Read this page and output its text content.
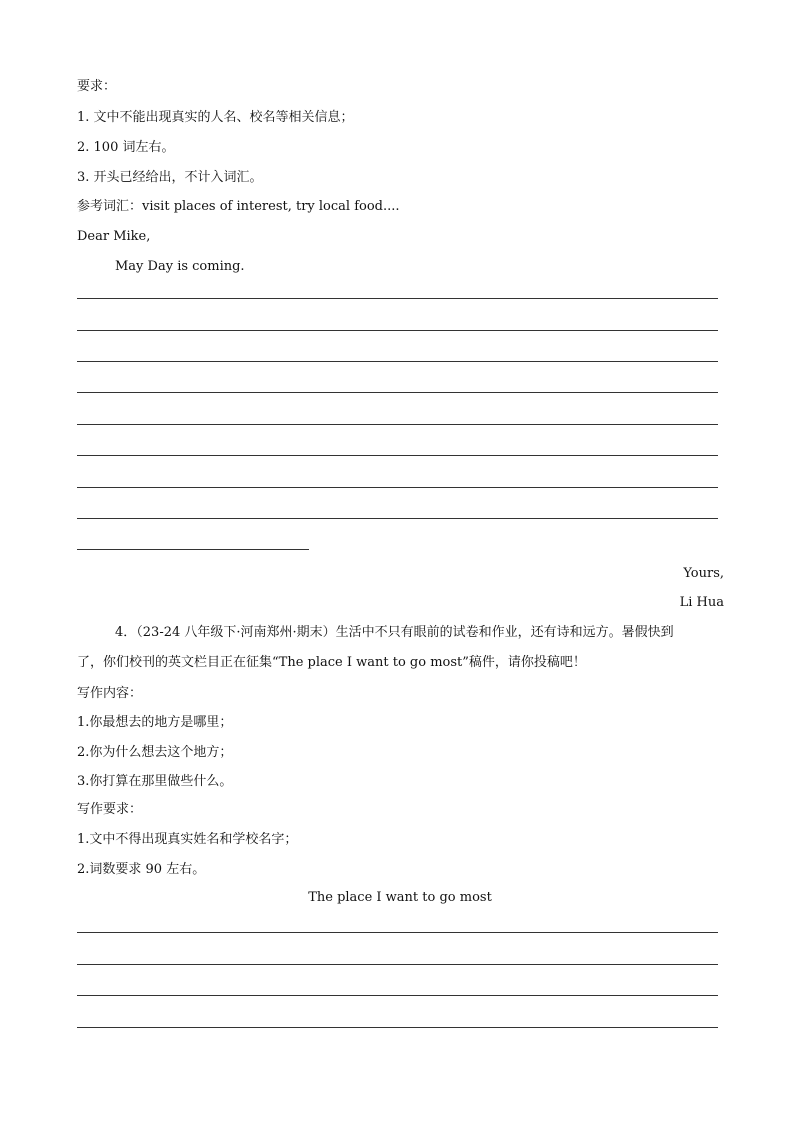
要求：
1. 文中不能出现真实的人名、校名等相关信息；
2. 100 词左右。
3. 开头已经给出，不计入词汇。
参考词汇：visit places of interest, try local food....
Dear Mike,
May Day is coming.
Yours,
Li Hua
4．（23-24 八年级下·河南郑州·期末）生活中不只有眼前的试卷和作业，还有诗和远方。暑假快到
了，你们校刊的英文栏目正在征集“The place I want to go most”稿件，请你投稿吧！
写作内容：
1.你最想去的地方是哪里；
2.你为什么想去这个地方；
3.你打算在那里做些什么。
写作要求：
1.文中不得出现真实姓名和学校名字；
2.词数要求 90 左右。
The place I want to go most
